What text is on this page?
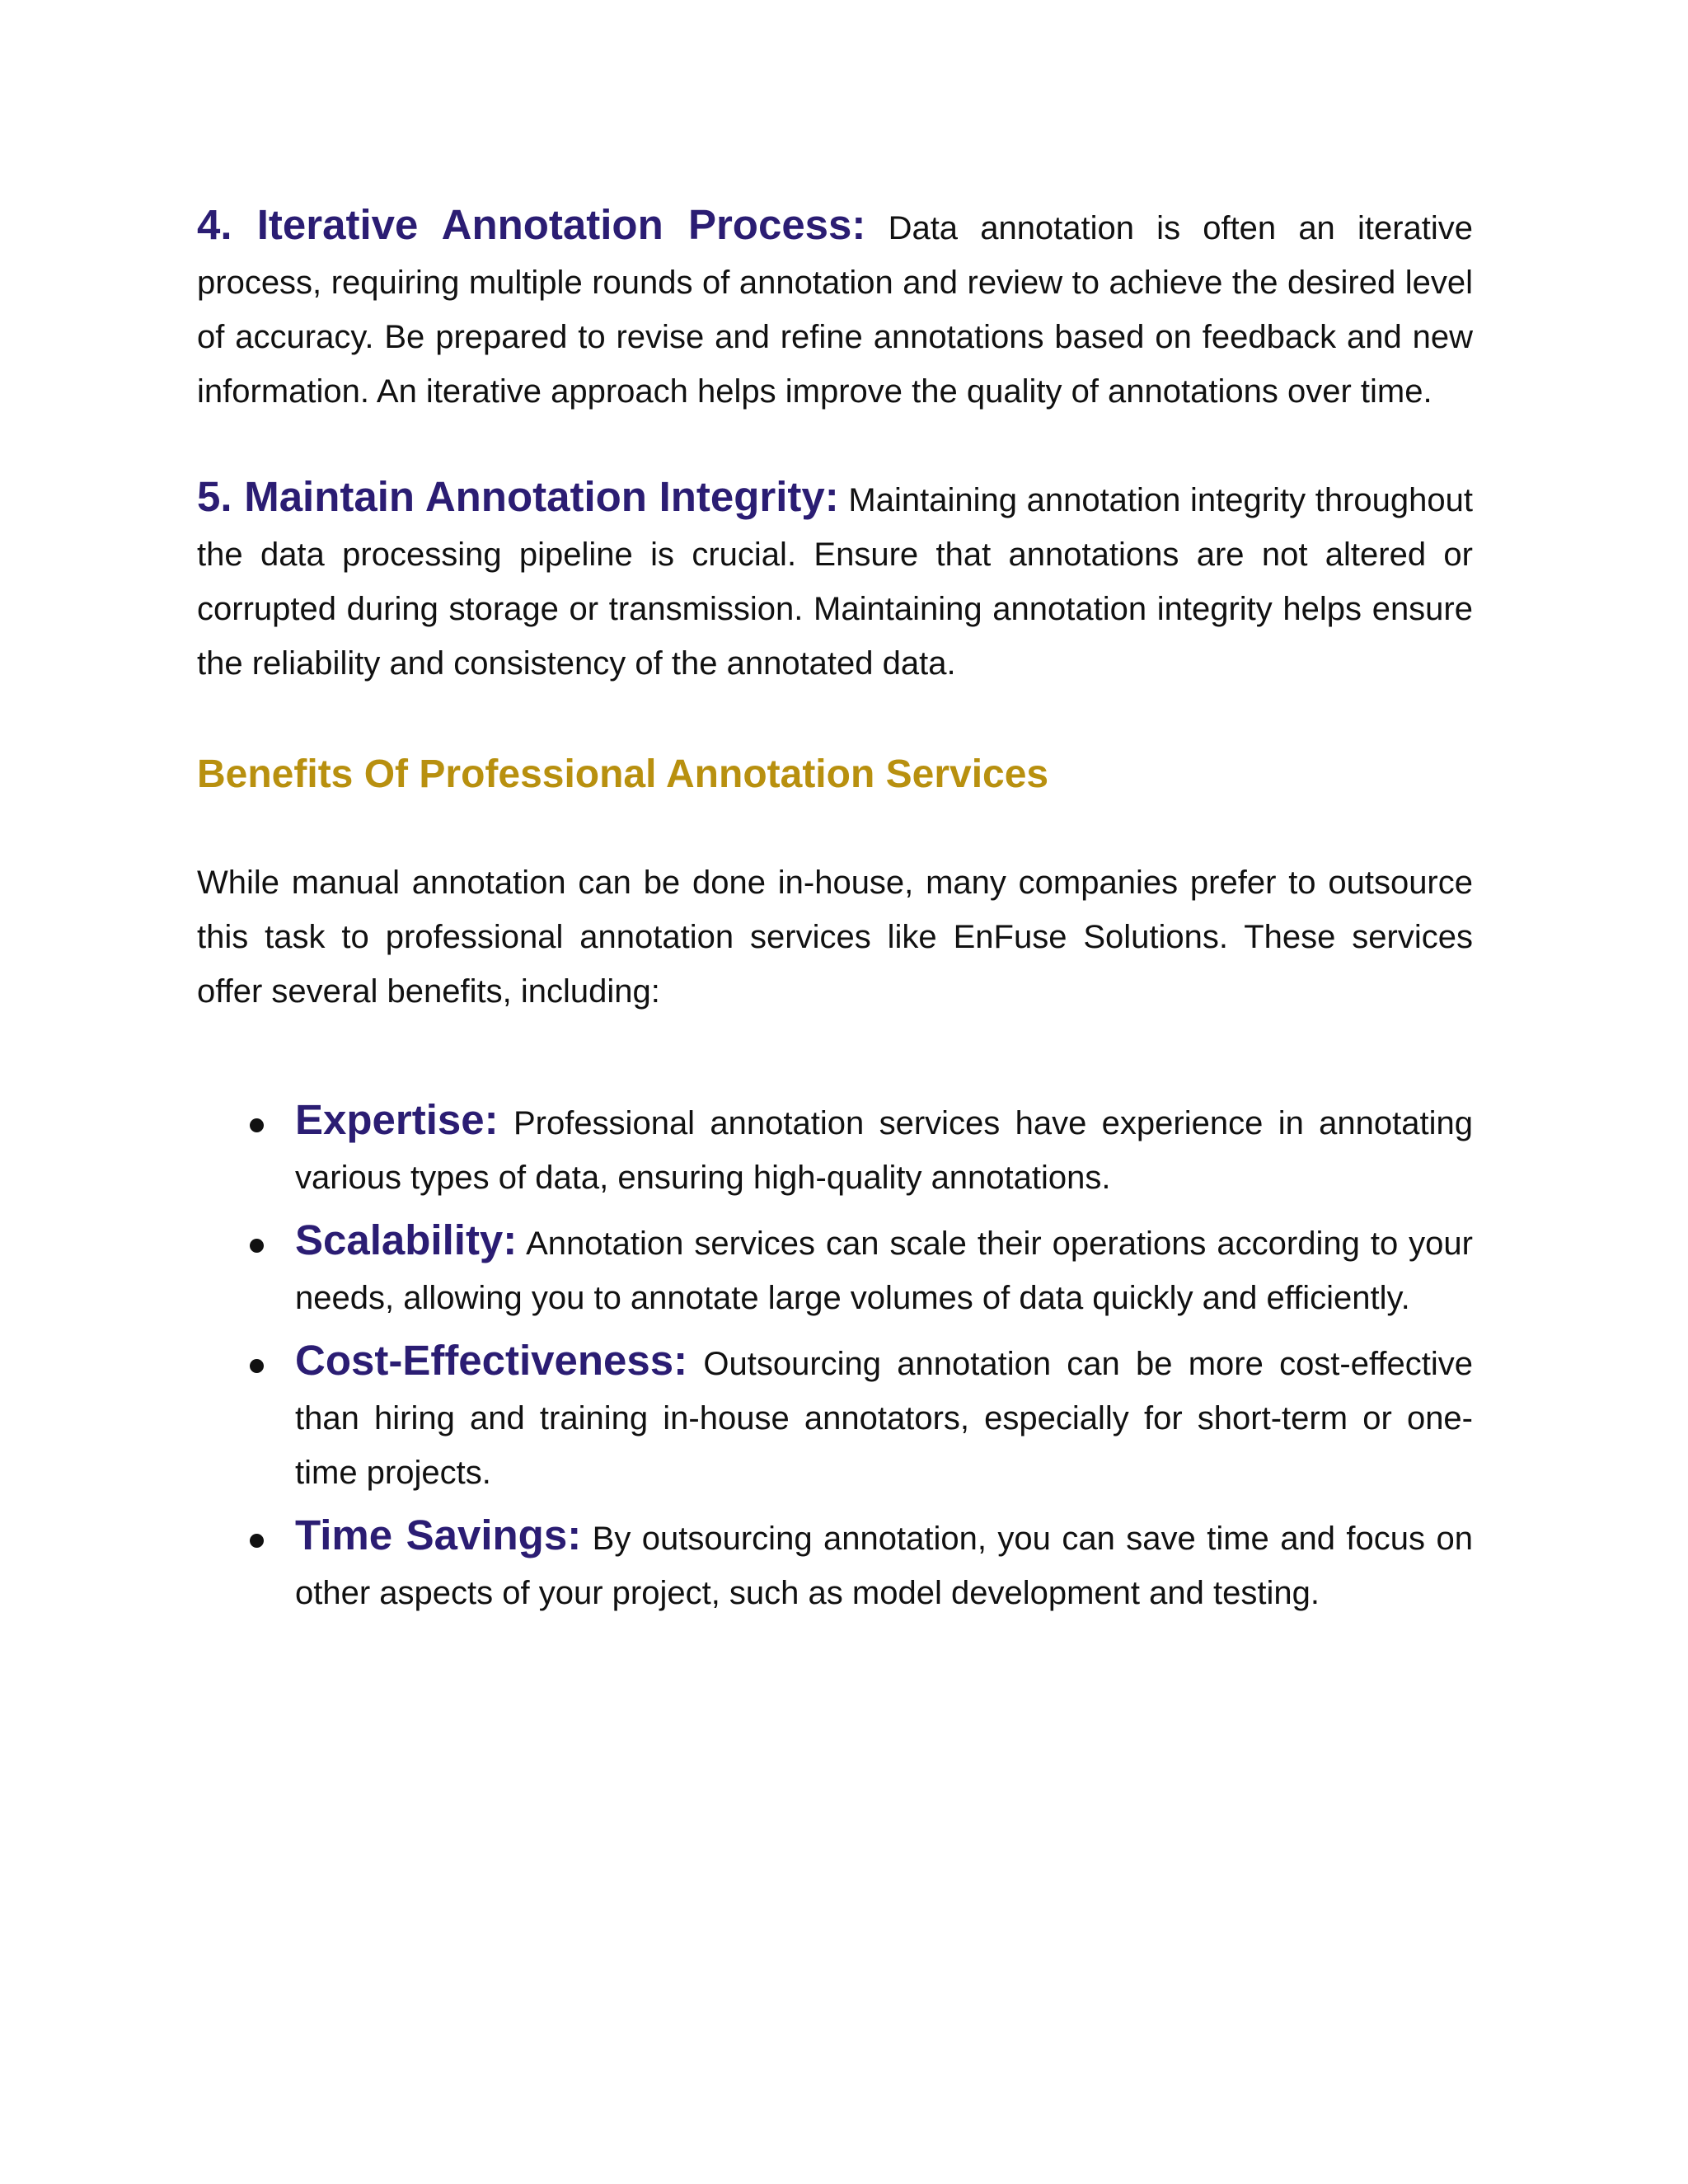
4. Iterative Annotation Process: Data annotation is often an iterative process, requiring multiple rounds of annotation and review to achieve the desired level of accuracy. Be prepared to revise and refine annotations based on feedback and new information. An iterative approach helps improve the quality of annotations over time.

5. Maintain Annotation Integrity: Maintaining annotation integrity throughout the data processing pipeline is crucial. Ensure that annotations are not altered or corrupted during storage or transmission. Maintaining annotation integrity helps ensure the reliability and consistency of the annotated data.

Benefits Of Professional Annotation Services

While manual annotation can be done in-house, many companies prefer to outsource this task to professional annotation services like EnFuse Solutions. These services offer several benefits, including:

Expertise: Professional annotation services have experience in annotating various types of data, ensuring high-quality annotations.
Scalability: Annotation services can scale their operations according to your needs, allowing you to annotate large volumes of data quickly and efficiently.
Cost-Effectiveness: Outsourcing annotation can be more cost-effective than hiring and training in-house annotators, especially for short-term or one-time projects.
Time Savings: By outsourcing annotation, you can save time and focus on other aspects of your project, such as model development and testing.
